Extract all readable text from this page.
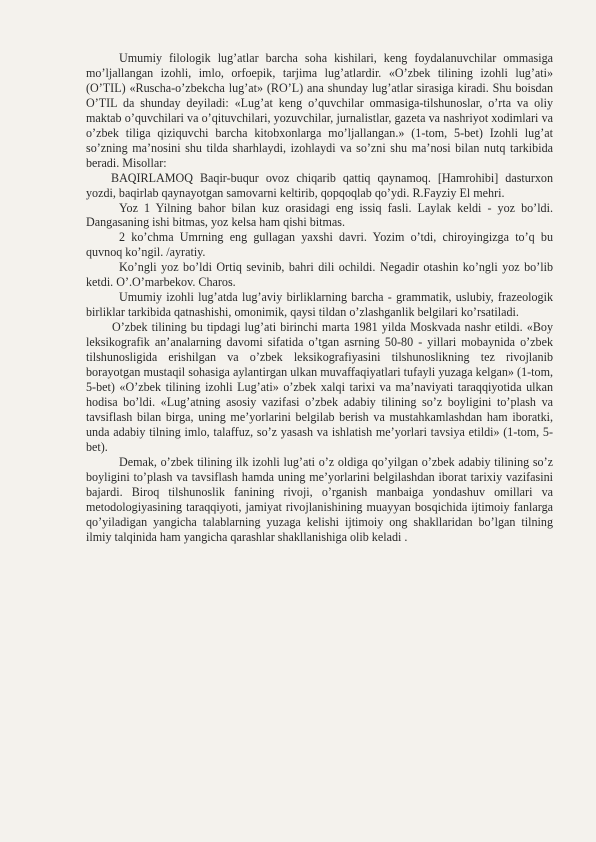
Umumiy filologik lug’atlar barcha soha kishilari, keng foydalanuvchilar ommasiga mo’ljallangan izohli, imlo, orfoepik, tarjima lug’atlardir. «O’zbek tilining izohli lug’ati» (O’TIL) «Ruscha-o’zbekcha lug’at» (RO’L) ana shunday lug’atlar sirasiga kiradi. Shu boisdan O’TIL da shunday deyiladi: «Lug’at keng o’quvchilar ommasiga-tilshunoslar, o’rta va oliy maktab o’quvchilari va o’qituvchilari, yozuvchilar, jurnalistlar, gazeta va nashriyot xodimlari va o’zbek tiliga qiziquvchi barcha kitobxonlarga mo’ljallangan.» (1-tom, 5-bet) Izohli lug’at so’zning ma’nosini shu tilda sharhlaydi, izohlaydi va so’zni shu ma’nosi bilan nutq tarkibida beradi. Misollar:

BAQIRLAMOQ Baqir-buqur ovoz chiqarib qattiq qaynamoq. [Hamrohibi] dasturxon yozdi, baqirlab qaynayotgan samovarni keltirib, qopqoqlab qo’ydi. R.Fayziy El mehri.

Yoz 1 Yilning bahor bilan kuz orasidagi eng issiq fasli. Laylak keldi - yoz bo’ldi. Dangasaning ishi bitmas, yoz kelsa ham qishi bitmas.

2 ko’chma Umrning eng gullagan yaxshi davri. Yozim o’tdi, chiroyingizga to’q bu quvnoq ko’ngil. /ayratiy.

Ko’ngli yoz bo’ldi Ortiq sevinib, bahri dili ochildi. Negadir otashin ko’ngli yoz bo’lib ketdi. O’.O’marbekov. Charos.

Umumiy izohli lug’atda lug’aviy birliklarning barcha - grammatik, uslubiy, frazeologik birliklar tarkibida qatnashishi, omonimik, qaysi tildan o’zlashganlik belgilari ko’rsatiladi.

O’zbek tilining bu tipdagi lug’ati birinchi marta 1981 yilda Moskvada nashr etildi. «Boy leksikografik an’analarning davomi sifatida o’tgan asrning 50-80 - yillari mobaynida o’zbek tilshunosligida erishilgan va o’zbek leksikografiyasini tilshunoslikning tez rivojlanib borayotgan mustaqil sohasiga aylantirgan ulkan muvaffaqiyatlari tufayli yuzaga kelgan» (1-tom, 5-bet) «O’zbek tilining izohli Lug’ati» o’zbek xalqi tarixi va ma’naviyati taraqqiyotida ulkan hodisa bo’ldi. «Lug’atning asosiy vazifasi o’zbek adabiy tilining so’z boyligini to’plash va tavsiflash bilan birga, uning me’yorlarini belgilab berish va mustahkamlashdan ham iboratki, unda adabiy tilning imlo, talaffuz, so’z yasash va ishlatish me’yorlari tavsiya etildi» (1-tom, 5-bet).

Demak, o’zbek tilining ilk izohli lug’ati o’z oldiga qo’yilgan o’zbek adabiy tilining so’z boyligini to’plash va tavsiflash hamda uning me’yorlarini belgilashdan iborat tarixiy vazifasini bajardi. Biroq tilshunoslik fanining rivoji, o’rganish manbaiga yondashuv omillari va metodologiyasining taraqqiyoti, jamiyat rivojlanishining muayyan bosqichida ijtimoiy fanlarga qo’yiladigan yangicha talablarning yuzaga kelishi ijtimoiy ong shakllaridan bo’lgan tilning ilmiy talqinida ham yangicha qarashlar shakllanishiga olib keladi .
